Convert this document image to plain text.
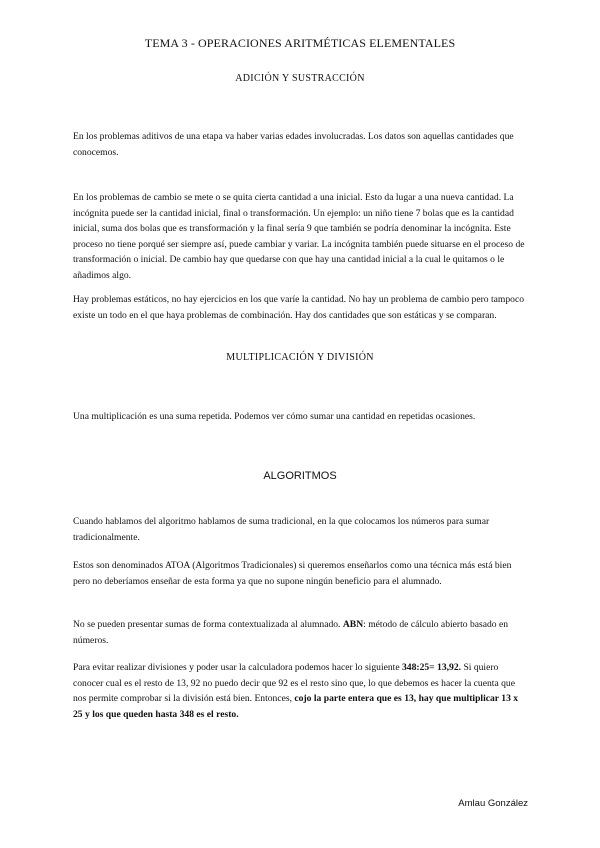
TEMA 3 - OPERACIONES ARITMÉTICAS ELEMENTALES
ADICIÓN Y SUSTRACCIÓN

En los problemas aditivos de una etapa va haber varias edades involucradas. Los datos son aquellas cantidades que conocemos.

En los problemas de cambio se mete o se quita cierta cantidad a una inicial. Esto da lugar a una nueva cantidad. La incógnita puede ser la cantidad inicial, final o transformación. Un ejemplo: un niño tiene 7 bolas que es la cantidad inicial, suma dos bolas que es transformación y la final sería 9 que también se podría denominar la incógnita. Este proceso no tiene porqué ser siempre así, puede cambiar y variar. La incógnita también puede situarse en el proceso de transformación o inicial. De cambio hay que quedarse con que hay una cantidad inicial a la cual le quitamos o le añadimos algo.

Hay problemas estáticos, no hay ejercicios en los que varíe la cantidad. No hay un problema de cambio pero tampoco existe un todo en el que haya problemas de combinación. Hay dos cantidades que son estáticas y se comparan.

MULTIPLICACIÓN Y DIVISIÓN

Una multiplicación es una suma repetida. Podemos ver cómo sumar una cantidad en repetidas ocasiones.

ALGORITMOS

Cuando hablamos del algoritmo hablamos de suma tradicional, en la que colocamos los números para sumar tradicionalmente.

Estos son denominados ATOA (Algoritmos Tradicionales) si queremos enseñarlos como una técnica más está bien pero no deberíamos enseñar de esta forma ya que no supone ningún beneficio para el alumnado.

No se pueden presentar sumas de forma contextualizada al alumnado. ABN: método de cálculo abierto basado en números.

Para evitar realizar divisiones y poder usar la calculadora podemos hacer lo siguiente 348:25= 13,92. Si quiero conocer cual es el resto de 13, 92 no puedo decir que 92 es el resto sino que, lo que debemos es hacer la cuenta que nos permite comprobar si la división está bien. Entonces, cojo la parte entera que es 13, hay que multiplicar 13 x 25 y los que queden hasta 348 es el resto.

Amlau González
